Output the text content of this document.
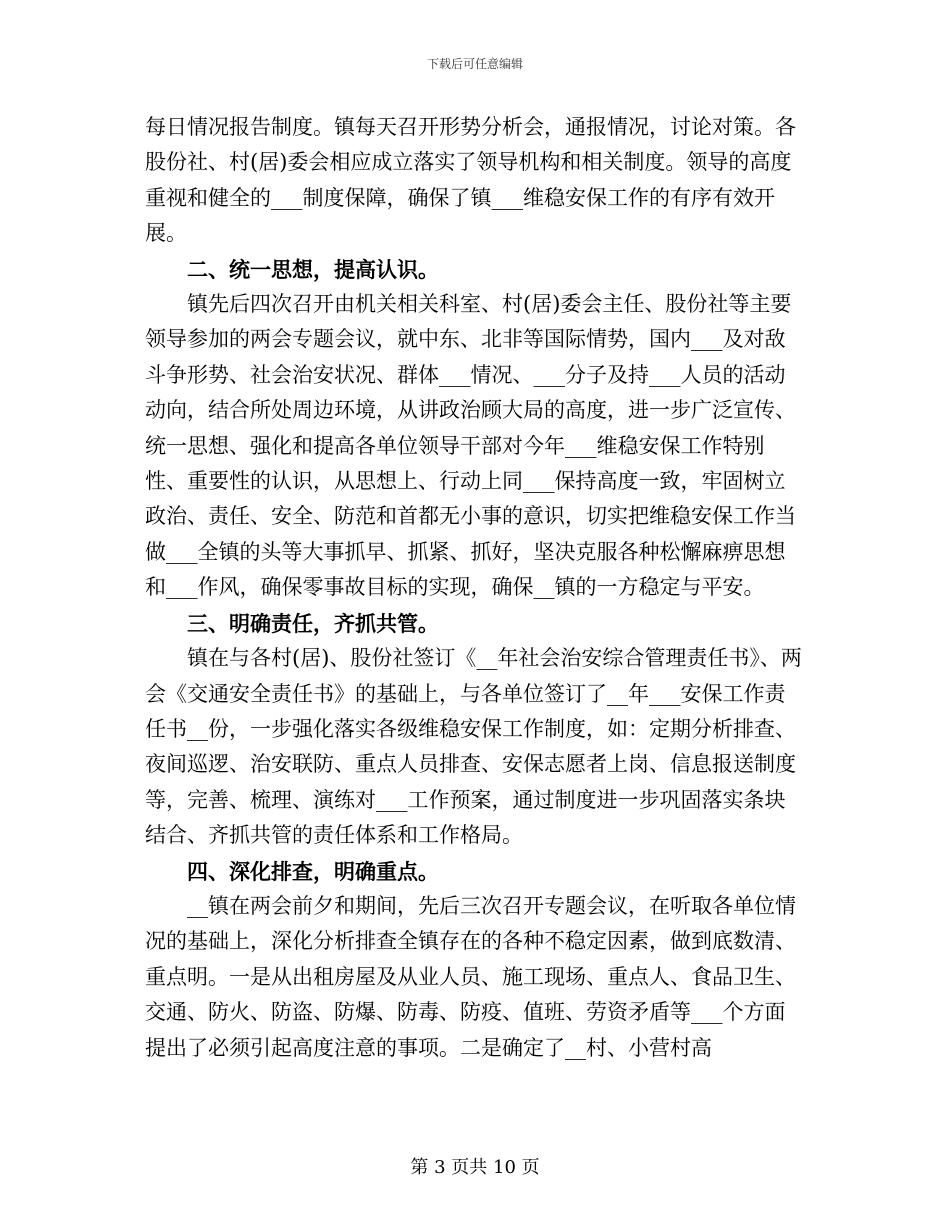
下载后可任意编辑

每日情况报告制度。镇每天召开形势分析会，通报情况，讨论对策。各股份社、村(居)委会相应成立落实了领导机构和相关制度。领导的高度重视和健全的___制度保障，确保了镇___维稳安保工作的有序有效开展。

二、统一思想，提高认识。

镇先后四次召开由机关相关科室、村(居)委会主任、股份社等主要领导参加的两会专题会议，就中东、北非等国际情势，国内___及对敌斗争形势、社会治安状况、群体___情况、___分子及持___人员的活动动向，结合所处周边环境，从讲政治顾大局的高度，进一步广泛宣传、统一思想、强化和提高各单位领导干部对今年___维稳安保工作特别性、重要性的认识，从思想上、行动上同___保持高度一致，牢固树立政治、责任、安全、防范和首都无小事的意识，切实把维稳安保工作当做___全镇的头等大事抓早、抓紧、抓好，坚决克服各种松懈麻痹思想和___作风，确保零事故目标的实现，确保__镇的一方稳定与平安。

三、明确责任，齐抓共管。

镇在与各村(居)、股份社签订《__年社会治安综合管理责任书》、两会《交通安全责任书》的基础上，与各单位签订了__年___安保工作责任书__份，一步强化落实各级维稳安保工作制度，如：定期分析排查、夜间巡逻、治安联防、重点人员排查、安保志愿者上岗、信息报送制度等，完善、梳理、演练对___工作预案，通过制度进一步巩固落实条块结合、齐抓共管的责任体系和工作格局。

四、深化排查，明确重点。

__镇在两会前夕和期间，先后三次召开专题会议，在听取各单位情况的基础上，深化分析排查全镇存在的各种不稳定因素，做到底数清、重点明。一是从出租房屋及从业人员、施工现场、重点人、食品卫生、交通、防火、防盗、防爆、防毒、防疫、值班、劳资矛盾等___个方面提出了必须引起高度注意的事项。二是确定了__村、小营村高

第 3 页共 10 页
